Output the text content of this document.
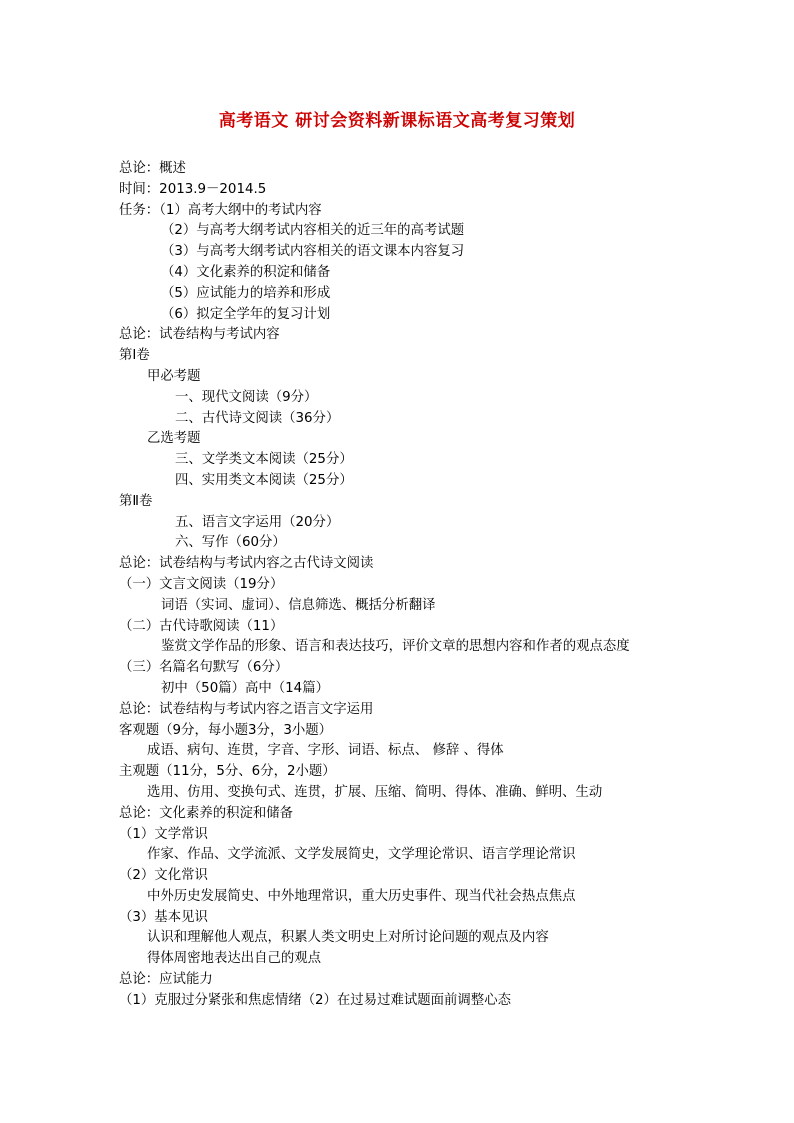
高考语文 研讨会资料新课标语文高考复习策划
总论：概述
时间：2013.9－2014.5
任务：（1）高考大纲中的考试内容
（2）与高考大纲考试内容相关的近三年的高考试题
（3）与高考大纲考试内容相关的语文课本内容复习
（4）文化素养的积淀和储备
（5）应试能力的培养和形成
（6）拟定全学年的复习计划
总论：试卷结构与考试内容
第Ⅰ卷
甲必考题
一、现代文阅读（9分）
二、古代诗文阅读（36分）
乙选考题
三、文学类文本阅读（25分）
四、实用类文本阅读（25分）
第Ⅱ卷
五、语言文字运用（20分）
六、写作（60分）
总论：试卷结构与考试内容之古代诗文阅读
（一）文言文阅读（19分）
词语（实词、虚词）、信息筛选、概括分析翻译
（二）古代诗歌阅读（11）
鉴赏文学作品的形象、语言和表达技巧，评价文章的思想内容和作者的观点态度
（三）名篇名句默写（6分）
初中（50篇）高中（14篇）
总论：试卷结构与考试内容之语言文字运用
客观题（9分，每小题3分，3小题）
成语、病句、连贯，字音、字形、词语、标点、 修辞 、得体
主观题（11分，5分、6分，2小题）
选用、仿用、变换句式、连贯，扩展、压缩、简明、得体、准确、鲜明、生动
总论：文化素养的积淀和储备
（1）文学常识
作家、作品、文学流派、文学发展简史，文学理论常识、语言学理论常识
（2）文化常识
中外历史发展简史、中外地理常识，重大历史事件、现当代社会热点焦点
（3）基本见识
认识和理解他人观点，积累人类文明史上对所讨论问题的观点及内容
得体周密地表达出自己的观点
总论：应试能力
（1）克服过分紧张和焦虑情绪（2）在过易过难试题面前调整心态
